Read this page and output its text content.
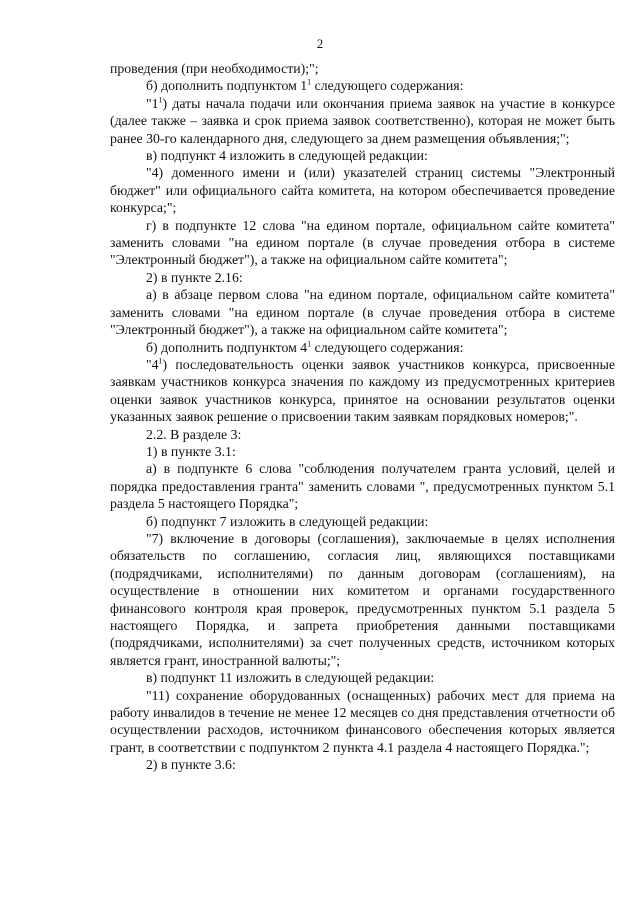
2

проведения (при необходимости);";

б) дополнить подпунктом $1^1$ следующего содержания:

"$1^1$) даты начала подачи или окончания приема заявок на участие в конкурсе (далее также – заявка и срок приема заявок соответственно), которая не может быть ранее 30-го календарного дня, следующего за днем размещения объявления;";

в) подпункт 4 изложить в следующей редакции:

"4) доменного имени и (или) указателей страниц системы "Электронный бюджет" или официального сайта комитета, на котором обеспечивается проведение конкурса;";

г) в подпункте 12 слова "на едином портале, официальном сайте комитета" заменить словами "на едином портале (в случае проведения отбора в системе "Электронный бюджет"), а также на официальном сайте комитета";

2) в пункте 2.16:

а) в абзаце первом слова "на едином портале, официальном сайте комитета" заменить словами "на едином портале (в случае проведения отбора в системе "Электронный бюджет"), а также на официальном сайте комитета";

б) дополнить подпунктом $4^1$ следующего содержания:

"$4^1$) последовательность оценки заявок участников конкурса, присвоенные заявкам участников конкурса значения по каждому из предусмотренных критериев оценки заявок участников конкурса, принятое на основании результатов оценки указанных заявок решение о присвоении таким заявкам порядковых номеров;".

2.2. В разделе 3:

1) в пункте 3.1:

а) в подпункте 6 слова "соблюдения получателем гранта условий, целей и порядка предоставления гранта" заменить словами ", предусмотренных пунктом 5.1 раздела 5 настоящего Порядка";

б) подпункт 7 изложить в следующей редакции:

"7) включение в договоры (соглашения), заключаемые в целях исполнения обязательств по соглашению, согласия лиц, являющихся поставщиками (подрядчиками, исполнителями) по данным договорам (соглашениям), на осуществление в отношении них комитетом и органами государственного финансового контроля края проверок, предусмотренных пунктом 5.1 раздела 5 настоящего Порядка, и запрета приобретения данными поставщиками (подрядчиками, исполнителями) за счет полученных средств, источником которых является грант, иностранной валюты;";

в) подпункт 11 изложить в следующей редакции:

"11) сохранение оборудованных (оснащенных) рабочих мест для приема на работу инвалидов в течение не менее 12 месяцев со дня представления отчетности об осуществлении расходов, источником финансового обеспечения которых является грант, в соответствии с подпунктом 2 пункта 4.1 раздела 4 настоящего Порядка.";

2) в пункте 3.6:
